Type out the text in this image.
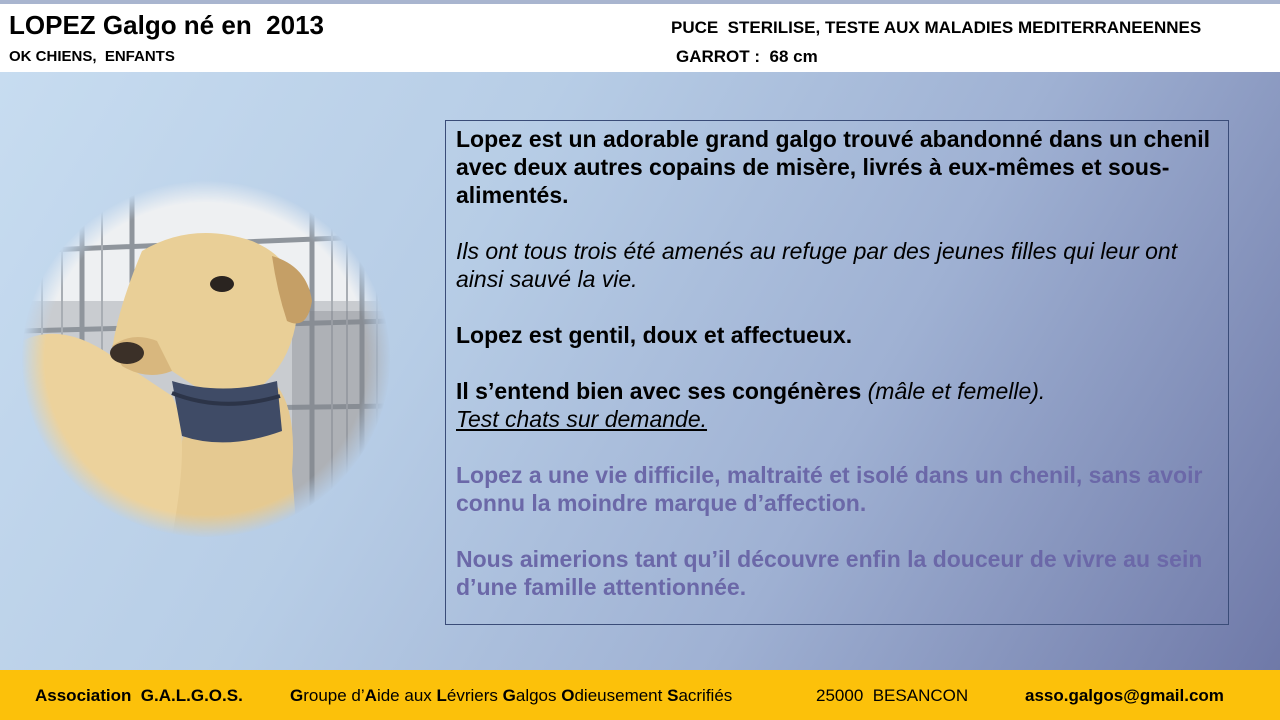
LOPEZ Galgo né en  2013
OK CHIENS,  ENFANTS
PUCE  STERILISE, TESTE AUX MALADIES MEDITERRANEENNES
GARROT :  68 cm

Lopez est un adorable grand galgo trouvé abandonné dans un chenil avec deux autres copains de misère, livrés à eux-mêmes et sous-alimentés.

Ils ont tous trois été amenés au refuge par des jeunes filles qui leur ont ainsi sauvé la vie.

Lopez est gentil, doux et affectueux.

Il s’entend bien avec ses congénères (mâle et femelle).
Test chats sur demande.

Lopez a une vie difficile, maltraité et isolé dans un chenil, sans avoir connu la moindre marque d’affection.

Nous aimerions tant qu’il découvre enfin la douceur de vivre au sein d’une famille attentionnée.

Association  G.A.L.G.O.S.	Groupe d’Aide aux Lévriers Galgos Odieusement Sacrifiés	25000  BESANCON	asso.galgos@gmail.com
